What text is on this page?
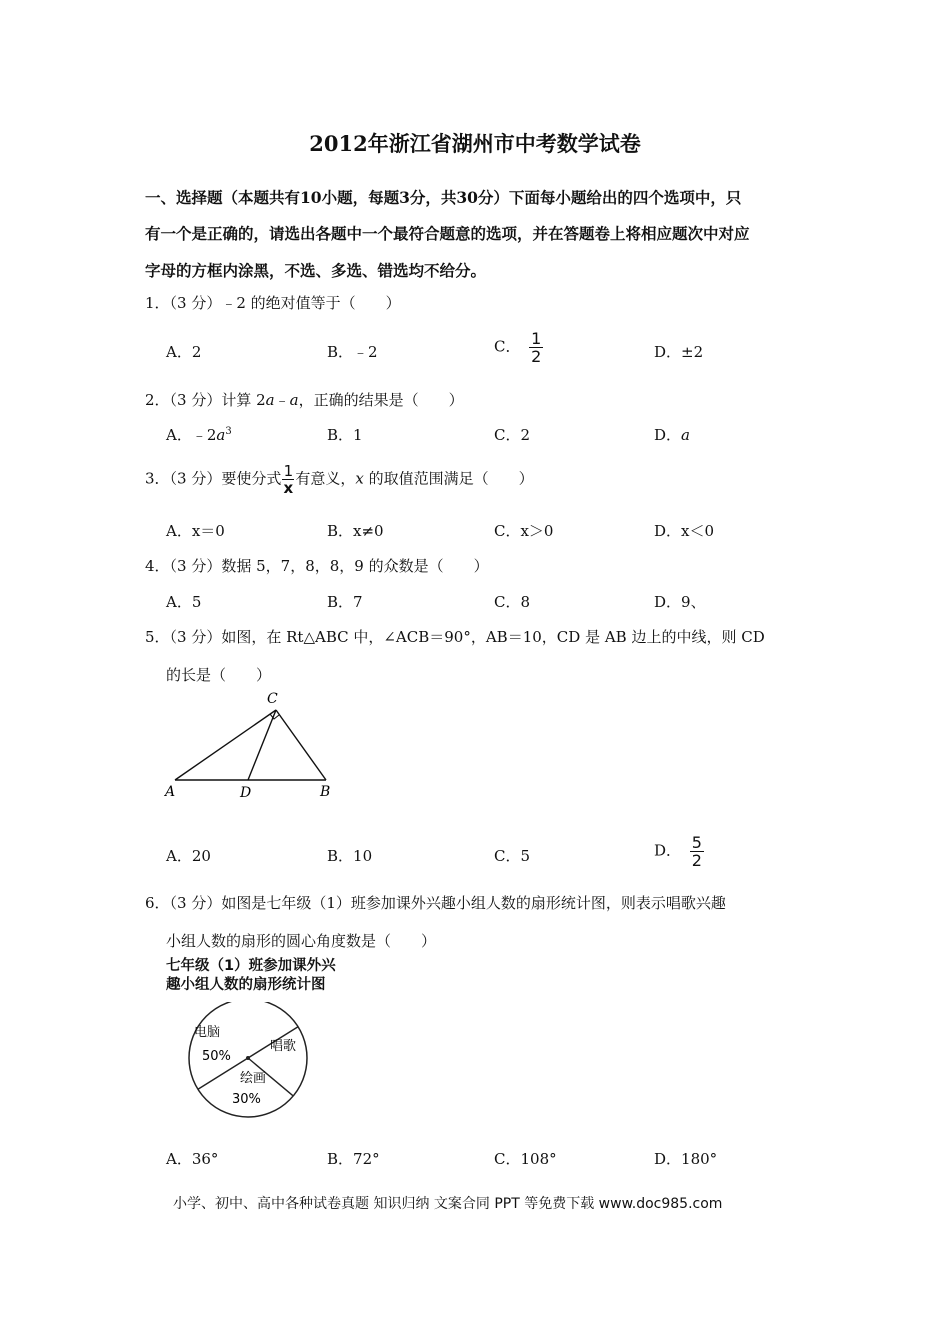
2012年浙江省湖州市中考数学试卷
一、选择题（本题共有10小题，每题3分，共30分）下面每小题给出的四个选项中，只
有一个是正确的，请选出各题中一个最符合题意的选项，并在答题卷上将相应题次中对应
字母的方框内涂黑，不选、多选、错选均不给分。
1．（3 分）﹣2 的绝对值等于（　　）
A．2	B．﹣2	C． $\frac{1}{2}$	D．±2
2．（3 分）计算 2a﹣a，正确的结果是（　　）
A．$﹣2a^3$	B．1	C．2	D．a
3．（3 分）要使分式 $\frac{1}{x}$ 有意义，x 的取值范围满足（　　）
A．x＝0	B．x≠0	C．x＞0	D．x＜0
4．（3 分）数据 5，7，8，8，9 的众数是（　　）
A．5	B．7	C．8	D．9、
5．（3 分）如图，在 Rt△ABC 中，∠ACB＝90°，AB＝10，CD 是 AB 边上的中线，则 CD
的长是（　　）
C
A	D	B
A．20	B．10	C．5	D． $\frac{5}{2}$
6．（3 分）如图是七年级（1）班参加课外兴趣小组人数的扇形统计图，则表示唱歌兴趣
小组人数的扇形的圆心角度数是（　　）
七年级（1）班参加课外兴
趣小组人数的扇形统计图
电脑
50%
唱歌
绘画
30%
A．36°	B．72°	C．108°	D．180°
小学、初中、高中各种试卷真题 知识归纳 文案合同 PPT 等免费下载 www.doc985.com
